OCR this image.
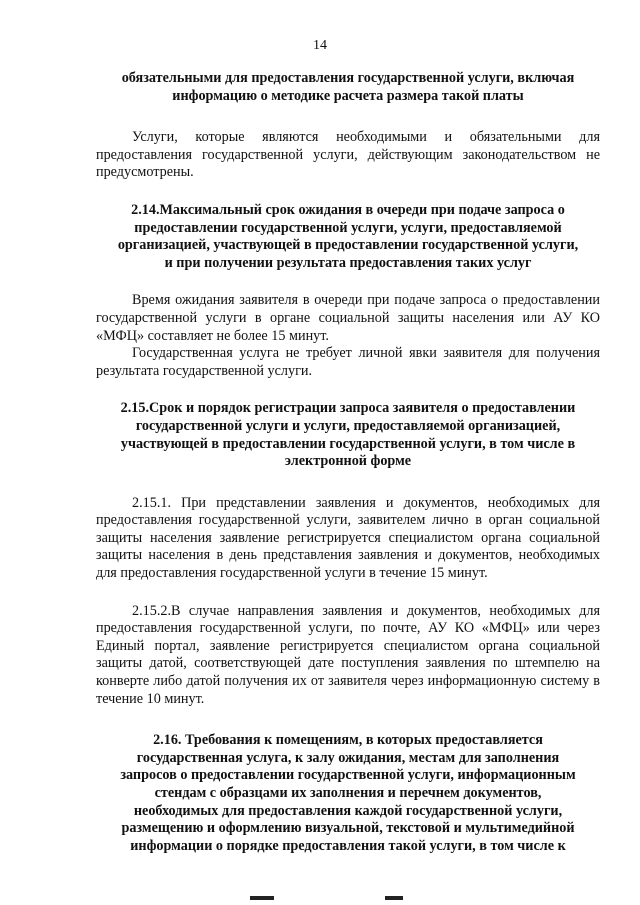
14
обязательными для предоставления государственной услуги, включая
информацию о методике расчета размера такой платы

Услуги, которые являются необходимыми и обязательными для предоставления государственной услуги, действующим законодательством не предусмотрены.

2.14.Максимальный срок ожидания в очереди при подаче запроса о
предоставлении государственной услуги, услуги, предоставляемой
организацией, участвующей в предоставлении государственной услуги,
и при получении результата предоставления таких услуг

Время ожидания заявителя в очереди при подаче запроса о предоставлении государственной услуги в органе социальной защиты населения или АУ КО «МФЦ» составляет не более 15 минут.

Государственная услуга не требует личной явки заявителя для получения результата государственной услуги.

2.15.Срок и порядок регистрации запроса заявителя о предоставлении
государственной услуги и услуги, предоставляемой организацией,
участвующей в предоставлении государственной услуги, в том числе в
электронной форме

2.15.1. При представлении заявления и документов, необходимых для предоставления государственной услуги, заявителем лично в орган социальной защиты населения заявление регистрируется специалистом органа социальной защиты населения в день представления заявления и документов, необходимых для предоставления государственной услуги в течение 15 минут.

2.15.2.В случае направления заявления и документов, необходимых для предоставления государственной услуги, по почте, АУ КО «МФЦ» или через Единый портал, заявление регистрируется специалистом органа социальной защиты датой, соответствующей дате поступления заявления по штемпелю на конверте либо датой получения их от заявителя через информационную систему в течение 10 минут.

2.16. Требования к помещениям, в которых предоставляется
государственная услуга, к залу ожидания, местам для заполнения
запросов о предоставлении государственной услуги, информационным
стендам с образцами их заполнения и перечнем документов,
необходимых для предоставления каждой государственной услуги,
размещению и оформлению визуальной, текстовой и мультимедийной
информации о порядке предоставления такой услуги, в том числе к
